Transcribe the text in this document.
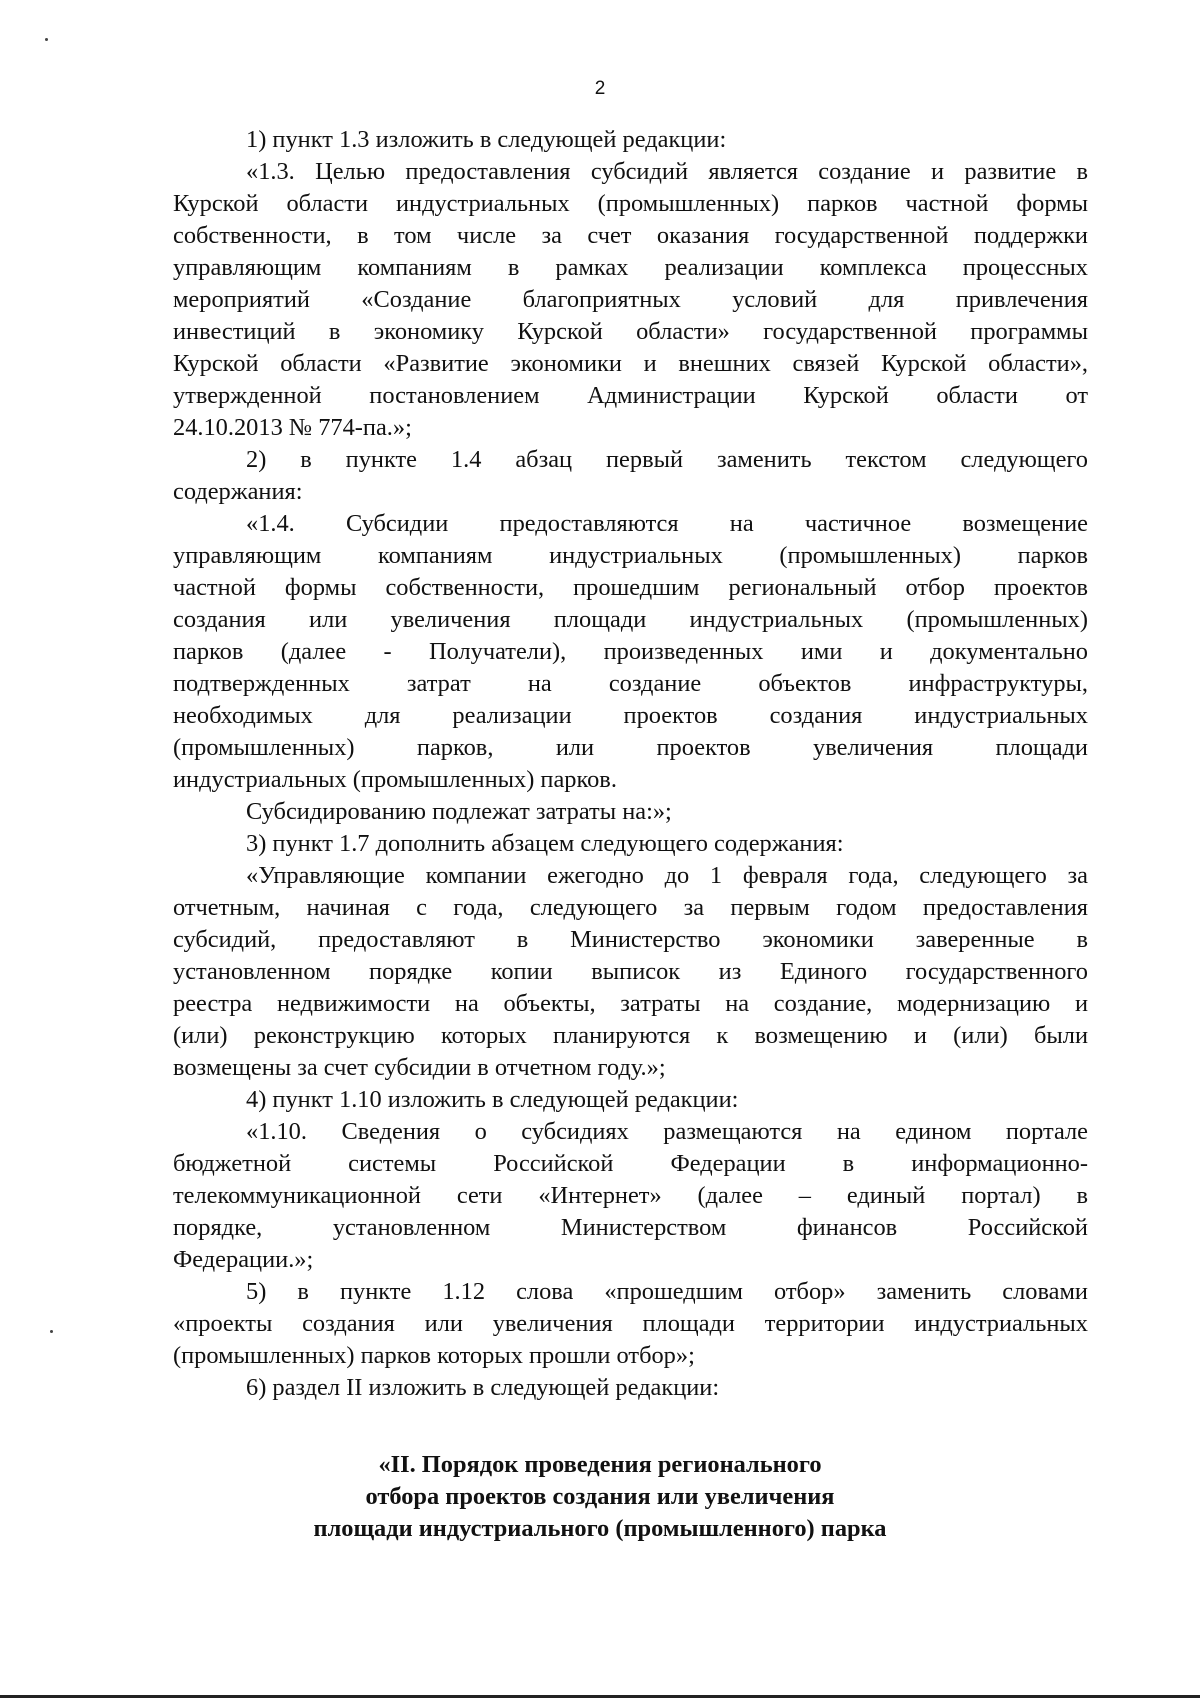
2
1) пункт 1.3 изложить в следующей редакции:
«1.3. Целью предоставления субсидий является создание и развитие в
Курской области индустриальных (промышленных) парков частной формы
собственности, в том числе за счет оказания государственной поддержки
управляющим компаниям в рамках реализации комплекса процессных
мероприятий «Создание благоприятных условий для привлечения
инвестиций в экономику Курской области» государственной программы
Курской области «Развитие экономики и внешних связей Курской области»,
утвержденной постановлением Администрации Курской области от
24.10.2013 № 774-па.»;
2) в пункте 1.4 абзац первый заменить текстом следующего
содержания:
«1.4. Субсидии предоставляются на частичное возмещение
управляющим компаниям индустриальных (промышленных) парков
частной формы собственности, прошедшим региональный отбор проектов
создания или увеличения площади индустриальных (промышленных)
парков (далее - Получатели), произведенных ими и документально
подтвержденных затрат на создание объектов инфраструктуры,
необходимых для реализации проектов создания индустриальных
(промышленных) парков, или проектов увеличения площади
индустриальных (промышленных) парков.
Субсидированию подлежат затраты на:»;
3) пункт 1.7 дополнить абзацем следующего содержания:
«Управляющие компании ежегодно до 1 февраля года, следующего за
отчетным, начиная с года, следующего за первым годом предоставления
субсидий, предоставляют в Министерство экономики заверенные в
установленном порядке копии выписок из Единого государственного
реестра недвижимости на объекты, затраты на создание, модернизацию и
(или) реконструкцию которых планируются к возмещению и (или) были
возмещены за счет субсидии в отчетном году.»;
4) пункт 1.10 изложить в следующей редакции:
«1.10. Сведения о субсидиях размещаются на едином портале
бюджетной системы Российской Федерации в информационно-
телекоммуникационной сети «Интернет» (далее – единый портал) в
порядке, установленном Министерством финансов Российской
Федерации.»;
5) в пункте 1.12 слова «прошедшим отбор» заменить словами
«проекты создания или увеличения площади территории индустриальных
(промышленных) парков которых прошли отбор»;
6) раздел II изложить в следующей редакции:
«II. Порядок проведения регионального
отбора проектов создания или увеличения
площади индустриального (промышленного) парка
